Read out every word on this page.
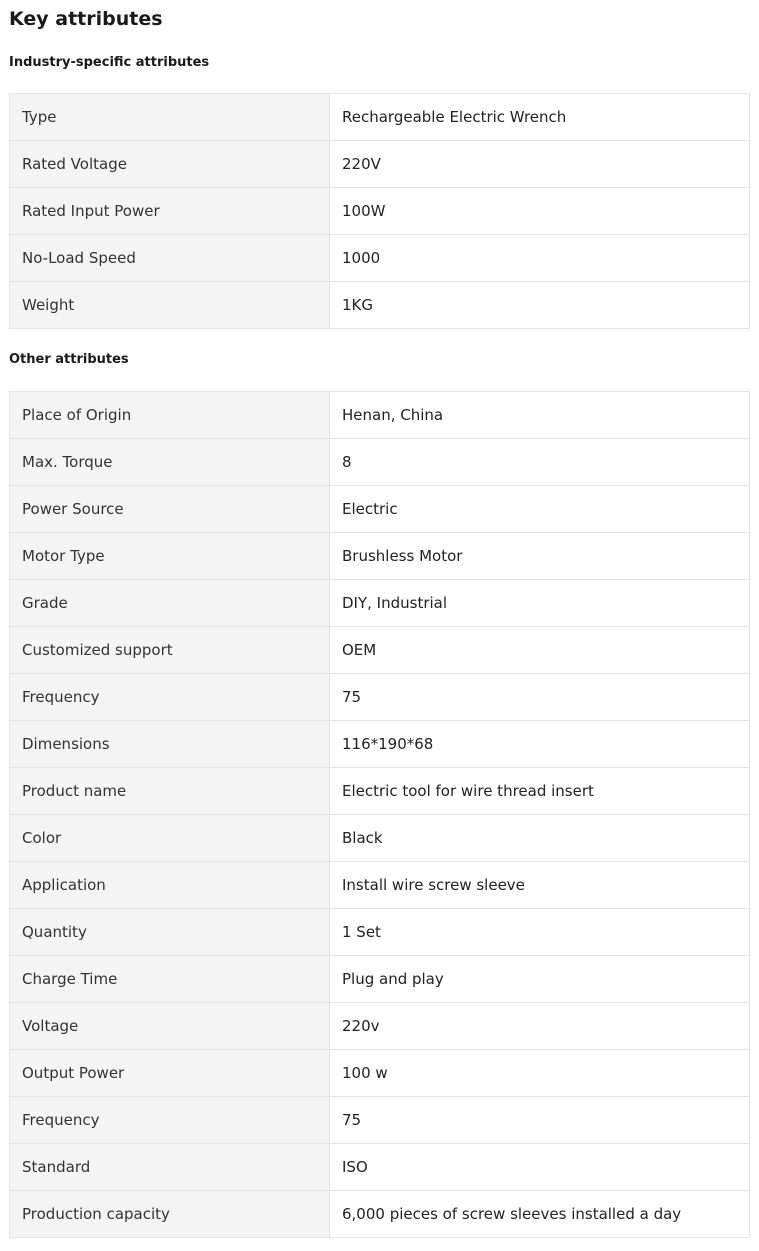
Key attributes
Industry-specific attributes
Type	Rechargeable Electric Wrench
Rated Voltage	220V
Rated Input Power	100W
No-Load Speed	1000
Weight	1KG
Other attributes
Place of Origin	Henan, China
Max. Torque	8
Power Source	Electric
Motor Type	Brushless Motor
Grade	DIY, Industrial
Customized support	OEM
Frequency	75
Dimensions	116*190*68
Product name	Electric tool for wire thread insert
Color	Black
Application	Install wire screw sleeve
Quantity	1 Set
Charge Time	Plug and play
Voltage	220v
Output Power	100 w
Frequency	75
Standard	ISO
Production capacity	6,000 pieces of screw sleeves installed a day
